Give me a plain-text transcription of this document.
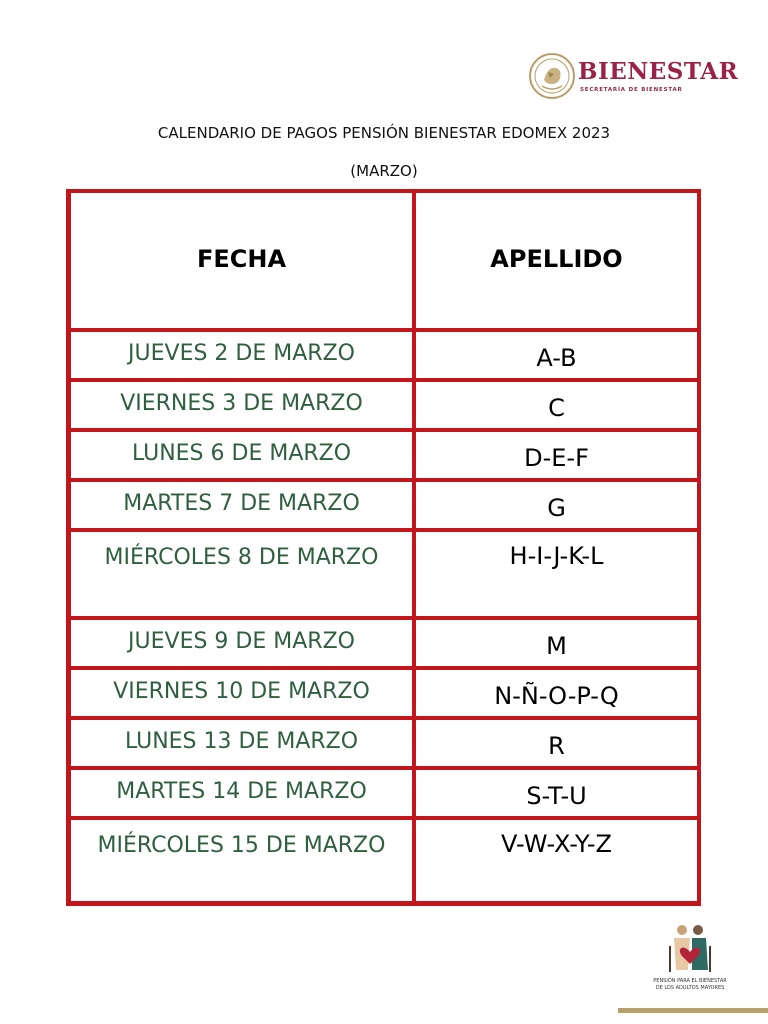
BIENESTAR
SECRETARÍA DE BIENESTAR
CALENDARIO DE PAGOS PENSIÓN BIENESTAR EDOMEX 2023
(MARZO)
FECHA	APELLIDO
JUEVES 2 DE MARZO	A-B
VIERNES 3 DE MARZO	C
LUNES 6 DE MARZO	D-E-F
MARTES 7 DE MARZO	G
MIÉRCOLES 8 DE MARZO	H-I-J-K-L
JUEVES 9 DE MARZO	M
VIERNES 10 DE MARZO	N-Ñ-O-P-Q
LUNES 13 DE MARZO	R
MARTES 14 DE MARZO	S-T-U
MIÉRCOLES 15 DE MARZO	V-W-X-Y-Z
PENSIÓN PARA EL BIENESTAR
DE LOS ADULTOS MAYORES
